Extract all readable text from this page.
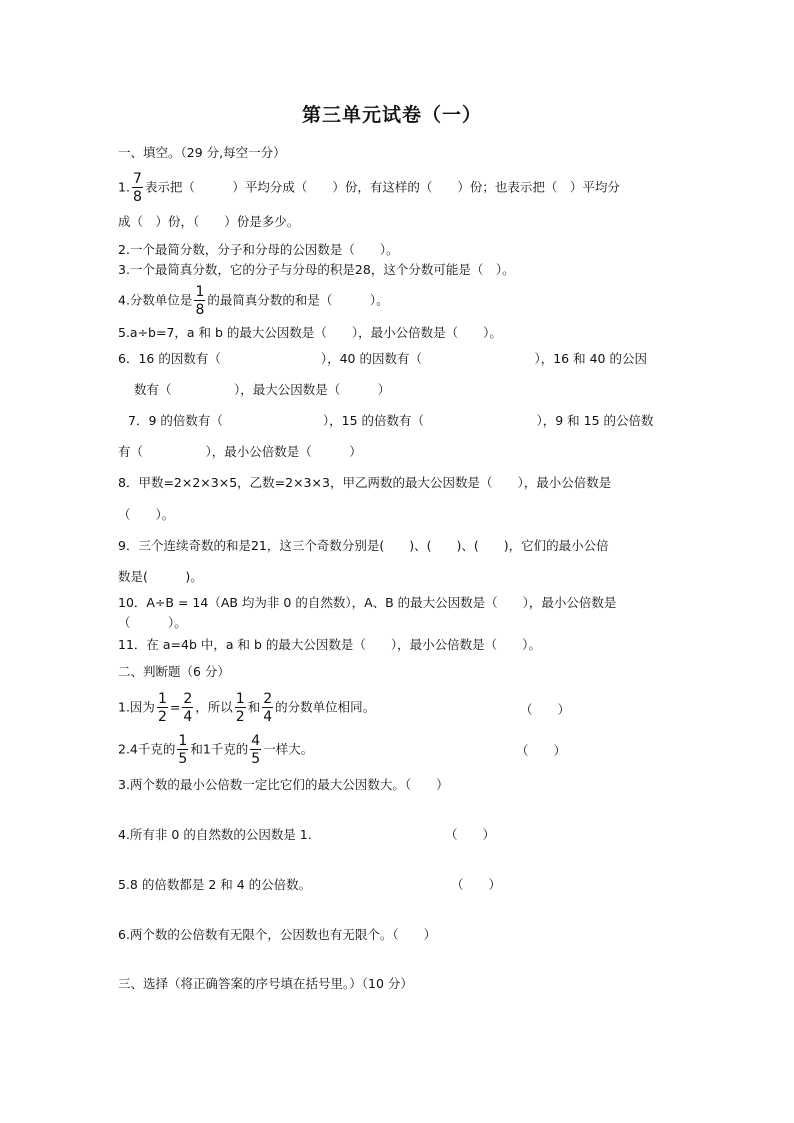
第三单元试卷（一）
一、填空。（29 分,每空一分）
1. $\frac{7}{8}$ 表示把（　　　）平均分成（　　）份，有这样的（　　）份；也表示把（　）平均分
成（　）份，（　　）份是多少。
2.一个最简分数，分子和分母的公因数是（　　）。
3.一个最简真分数，它的分子与分母的积是28，这个分数可能是（　）。
4.分数单位是 $\frac{1}{8}$ 的最简真分数的和是（　　　）。
5.a÷b=7，a 和 b 的最大公因数是（　　），最小公倍数是（　　）。
6．16 的因数有（　　　　　　　　），40 的因数有（　　　　　　　　　），16 和 40 的公因
数有（　　　　　），最大公因数是（　　　）
7．9 的倍数有（　　　　　　　　），15 的倍数有（　　　　　　　　　），9 和 15 的公倍数
有（　　　　　），最小公倍数是（　　　）
8．甲数=2×2×3×5，乙数=2×3×3，甲乙两数的最大公因数是（　　），最小公倍数是
（　　）。
9．三个连续奇数的和是21，这三个奇数分别是(　　)、(　　)、(　　)，它们的最小公倍
数是(　　　)。
10．A÷B = 14（AB 均为非 0 的自然数），A、B 的最大公因数是（　　），最小公倍数是
（　　　）。
11．在 a=4b 中，a 和 b 的最大公因数是（　　），最小公倍数是（　　）。
二、判断题（6 分）
1.因为 $\frac{1}{2} = \frac{2}{4}$ ，所以 $\frac{1}{2}$ 和 $\frac{2}{4}$ 的分数单位相同。	（　　）
2.4千克的 $\frac{1}{5}$ 和1千克的 $\frac{4}{5}$ 一样大。	（　　）
3.两个数的最小公倍数一定比它们的最大公因数大。（　　）
4.所有非 0 的自然数的公因数是 1.	（　　）
5.8 的倍数都是 2 和 4 的公倍数。	（　　）
6.两个数的公倍数有无限个，公因数也有无限个。（　　）
三、选择（将正确答案的序号填在括号里。）（10 分）
